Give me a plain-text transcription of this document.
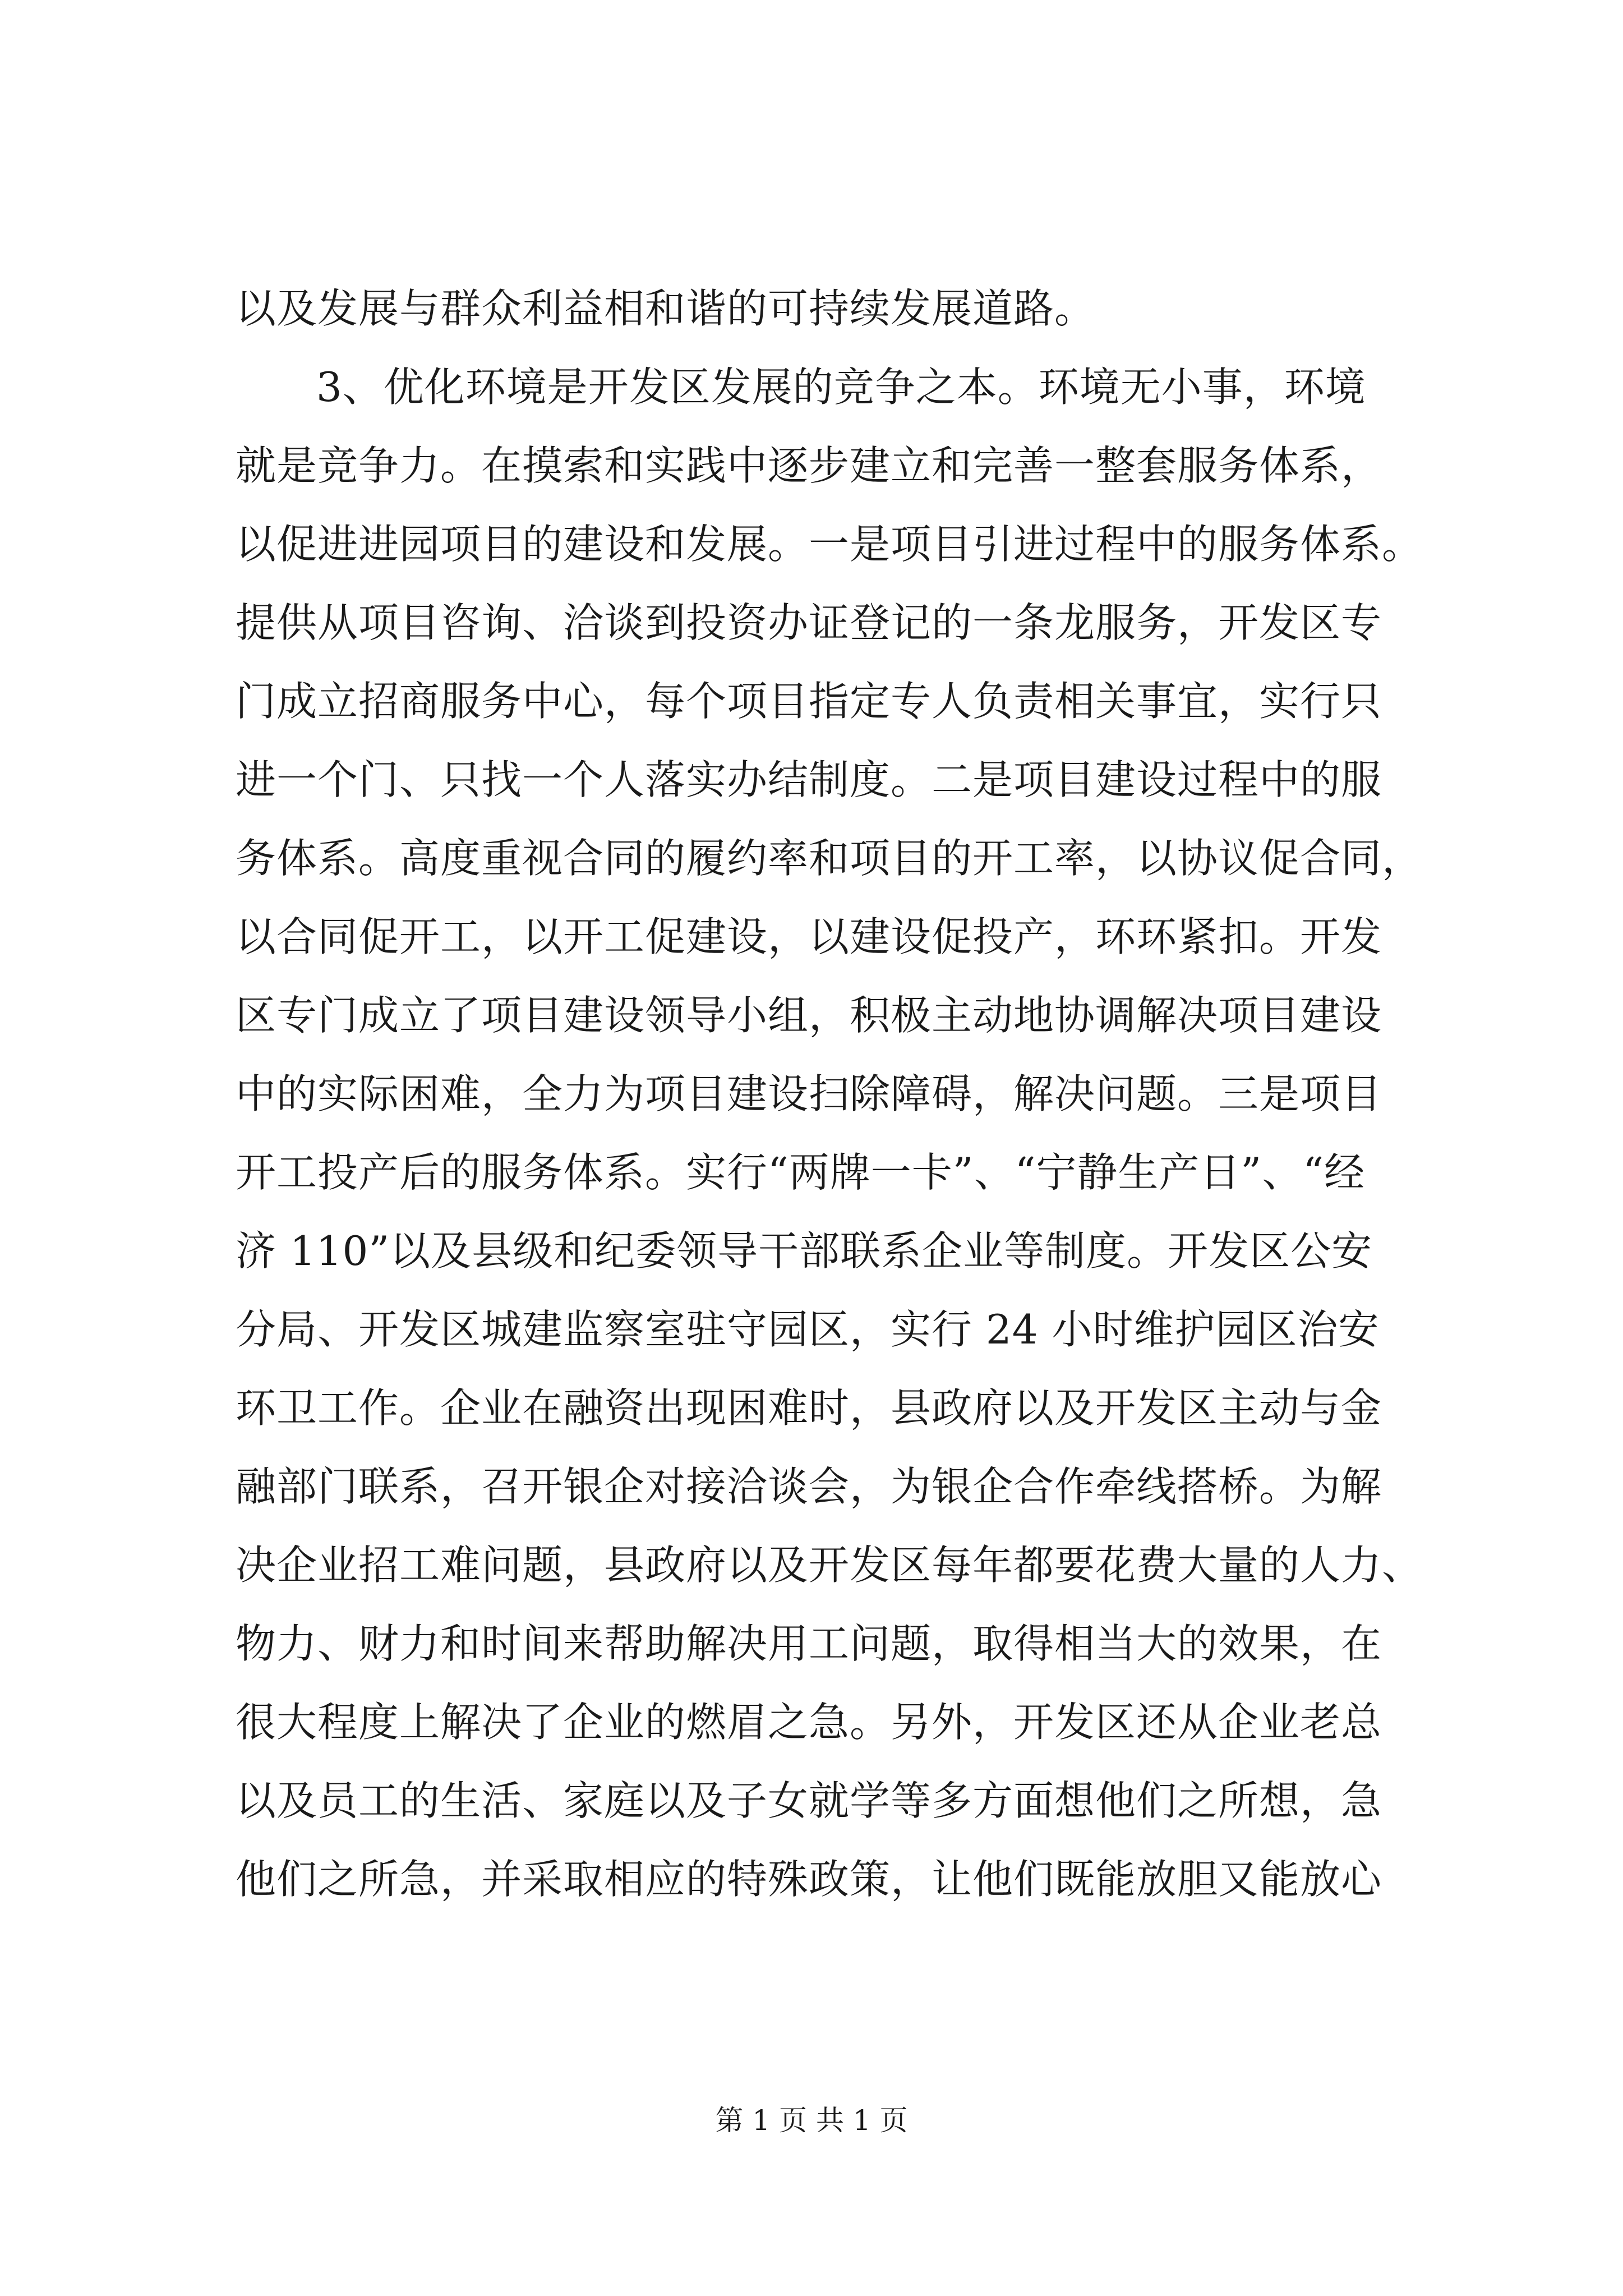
以及发展与群众利益相和谐的可持续发展道路。
3、优化环境是开发区发展的竞争之本。环境无小事，环境
就是竞争力。在摸索和实践中逐步建立和完善一整套服务体系，
以促进进园项目的建设和发展。一是项目引进过程中的服务体系。
提供从项目咨询、洽谈到投资办证登记的一条龙服务，开发区专
门成立招商服务中心，每个项目指定专人负责相关事宜，实行只
进一个门、只找一个人落实办结制度。二是项目建设过程中的服
务体系。高度重视合同的履约率和项目的开工率，以协议促合同，
以合同促开工，以开工促建设，以建设促投产，环环紧扣。开发
区专门成立了项目建设领导小组，积极主动地协调解决项目建设
中的实际困难，全力为项目建设扫除障碍，解决问题。三是项目
开工投产后的服务体系。实行“两牌一卡”、“宁静生产日”、“经
济 110”以及县级和纪委领导干部联系企业等制度。开发区公安
分局、开发区城建监察室驻守园区，实行 24 小时维护园区治安
环卫工作。企业在融资出现困难时，县政府以及开发区主动与金
融部门联系，召开银企对接洽谈会，为银企合作牵线搭桥。为解
决企业招工难问题，县政府以及开发区每年都要花费大量的人力、
物力、财力和时间来帮助解决用工问题，取得相当大的效果，在
很大程度上解决了企业的燃眉之急。另外，开发区还从企业老总
以及员工的生活、家庭以及子女就学等多方面想他们之所想，急
他们之所急，并采取相应的特殊政策，让他们既能放胆又能放心
第 1 页 共 1 页
